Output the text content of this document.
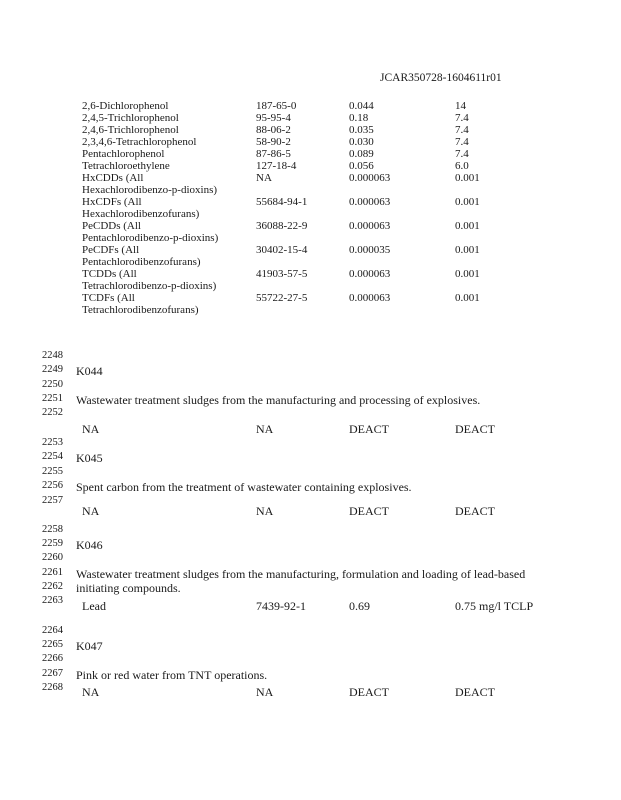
JCAR350728-1604611r01
2,6-Dichlorophenol	187-65-0	0.044	14
2,4,5-Trichlorophenol	95-95-4	0.18	7.4
2,4,6-Trichlorophenol	88-06-2	0.035	7.4
2,3,4,6-Tetrachlorophenol	58-90-2	0.030	7.4
Pentachlorophenol	87-86-5	0.089	7.4
Tetrachloroethylene	127-18-4	0.056	6.0
HxCDDs (All
Hexachlorodibenzo-p-dioxins)
NA	0.000063	0.001
HxCDFs (All
Hexachlorodibenzofurans)
55684-94-1	0.000063	0.001
PeCDDs (All
Pentachlorodibenzo-p-dioxins)
36088-22-9	0.000063	0.001
PeCDFs (All
Pentachlorodibenzofurans)
30402-15-4	0.000035	0.001
TCDDs (All
Tetrachlorodibenzo-p-dioxins)
41903-57-5	0.000063	0.001
TCDFs (All
Tetrachlorodibenzofurans)
55722-27-5	0.000063	0.001
2248
2249 K044
2250
2251 Wastewater treatment sludges from the manufacturing and processing of explosives.
2252
NA	NA	DEACT	DEACT
2253
2254 K045
2255
2256 Spent carbon from the treatment of wastewater containing explosives.
2257
NA	NA	DEACT	DEACT
2258
2259 K046
2260
2261 Wastewater treatment sludges from the manufacturing, formulation and loading of lead-based
2262 initiating compounds.
2263 Lead	7439-92-1	0.69	0.75 mg/l TCLP
2264
2265 K047
2266
2267 Pink or red water from TNT operations.
2268 NA	NA	DEACT	DEACT
